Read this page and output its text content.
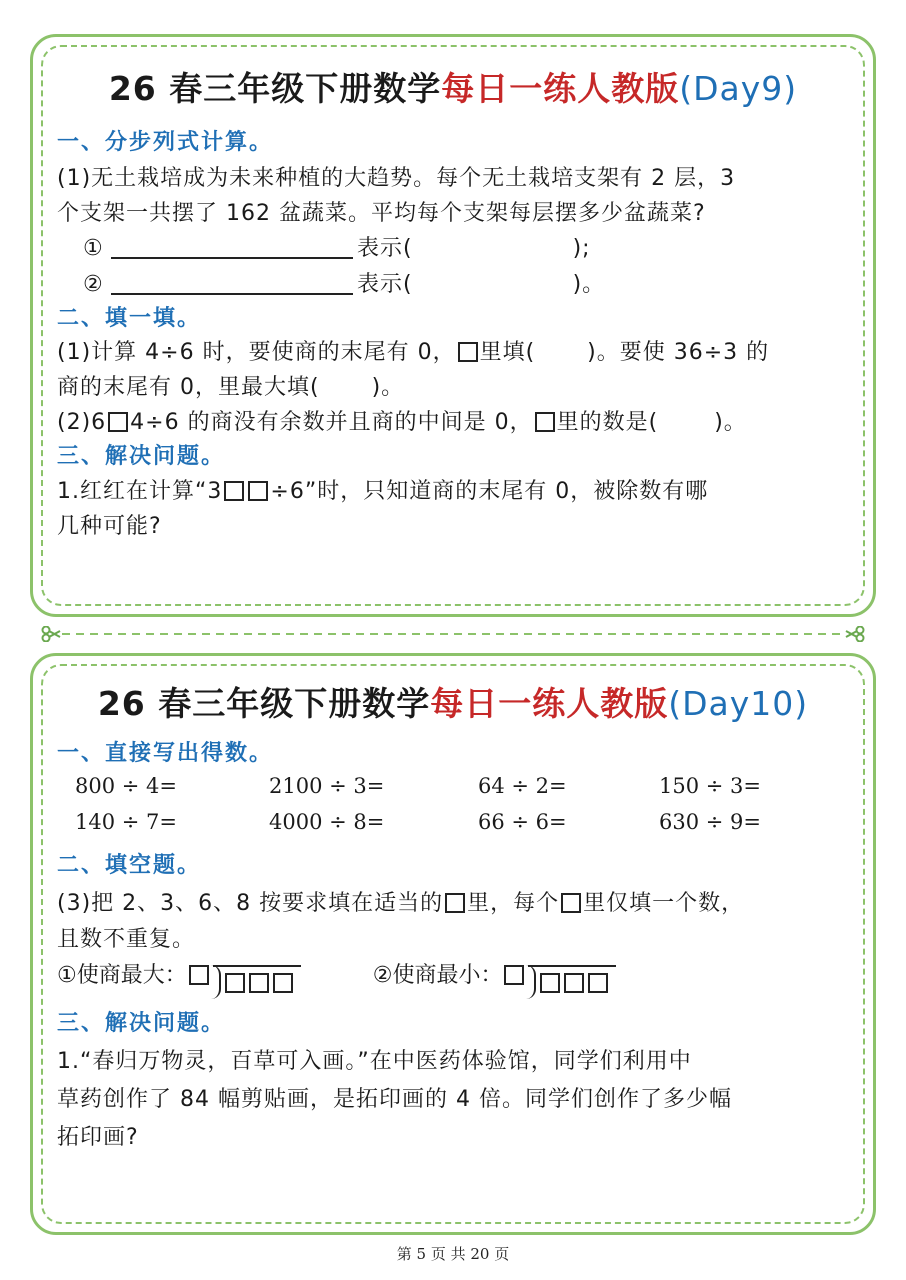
26 春三年级下册数学每日一练人教版(Day9)
一、分步列式计算。
(1)无土栽培成为未来种植的大趋势。每个无土栽培支架有 2 层，3
个支架一共摆了 162 盆蔬菜。平均每个支架每层摆多少盆蔬菜?
①	表示(	);
②	表示(	)。
二、填一填。
(1)计算 4÷6 时，要使商的末尾有 0， 里填( )。要使 36÷3 的
商的末尾有 0，里最大填( )。
(2)6 4÷6 的商没有余数并且商的中间是 0， 里的数是(	)。
三、解决问题。
1.红红在计算“3 ÷6”时，只知道商的末尾有 0，被除数有哪
几种可能?
26 春三年级下册数学每日一练人教版(Day10)
一、直接写出得数。
800 ÷ 4=	2100 ÷ 3=	64 ÷ 2=	150 ÷ 3=
140 ÷ 7=	4000 ÷ 8=	66 ÷ 6=	630 ÷ 9=
二、填空题。
(3)把 2、3、6、8 按要求填在适当的 里，每个 里仅填一个数，
且数不重复。
①使商最大：	②使商最小：
三、解决问题。
1.“春归万物灵，百草可入画。”在中医药体验馆，同学们利用中
草药创作了 84 幅剪贴画，是拓印画的 4 倍。同学们创作了多少幅
拓印画?
第 5 页 共 20 页
